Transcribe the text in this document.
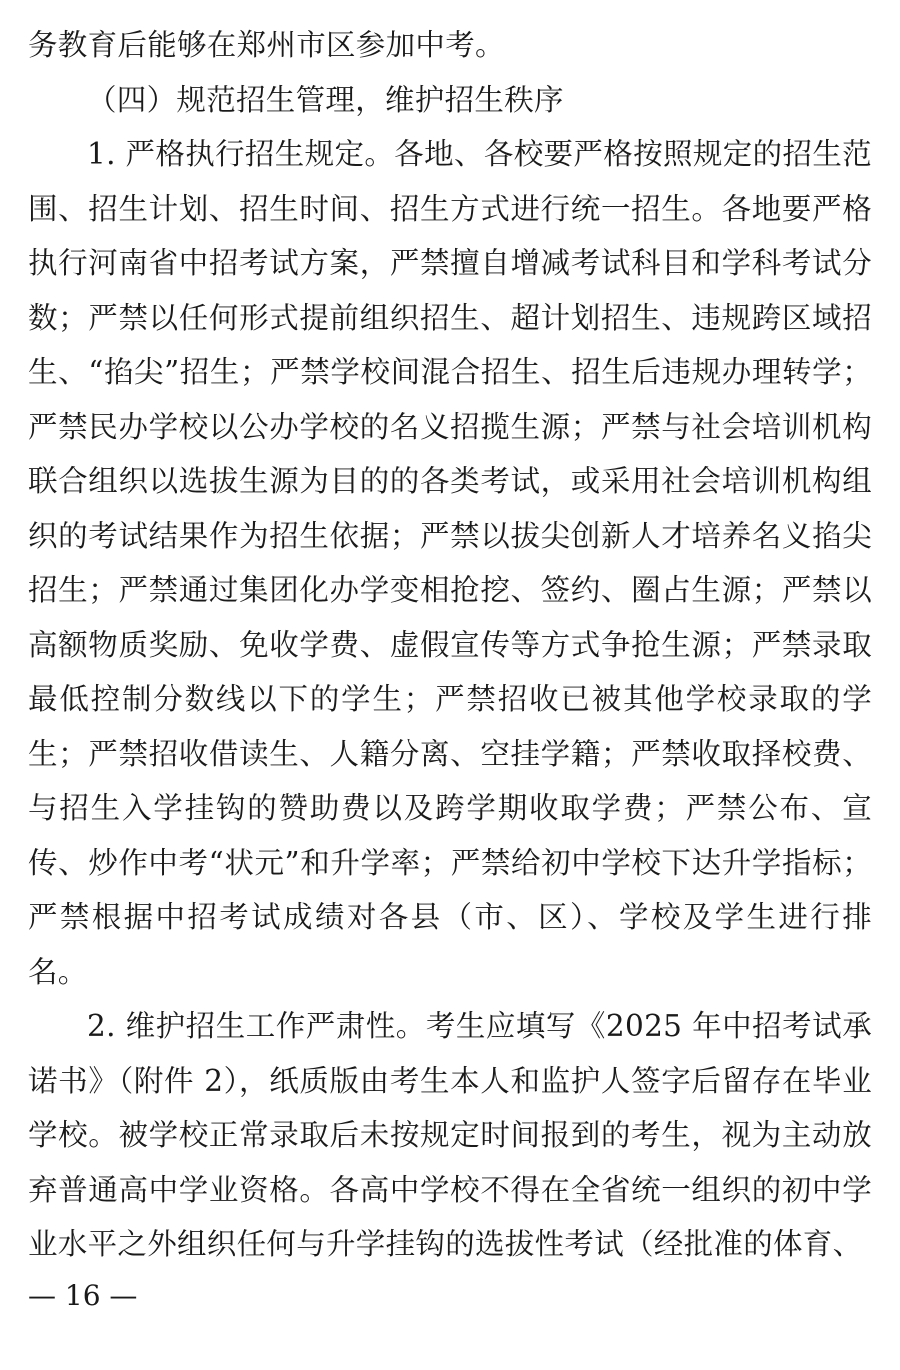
务教育后能够在郑州市区参加中考。

（四）规范招生管理，维护招生秩序

1. 严格执行招生规定。各地、各校要严格按照规定的招生范围、招生计划、招生时间、招生方式进行统一招生。各地要严格执行河南省中招考试方案，严禁擅自增减考试科目和学科考试分数；严禁以任何形式提前组织招生、超计划招生、违规跨区域招生、“掐尖”招生；严禁学校间混合招生、招生后违规办理转学；严禁民办学校以公办学校的名义招揽生源；严禁与社会培训机构联合组织以选拔生源为目的的各类考试，或采用社会培训机构组织的考试结果作为招生依据；严禁以拔尖创新人才培养名义掐尖招生；严禁通过集团化办学变相抢挖、签约、圈占生源；严禁以高额物质奖励、免收学费、虚假宣传等方式争抢生源；严禁录取最低控制分数线以下的学生；严禁招收已被其他学校录取的学生；严禁招收借读生、人籍分离、空挂学籍；严禁收取择校费、与招生入学挂钩的赞助费以及跨学期收取学费；严禁公布、宣传、炒作中考“状元”和升学率；严禁给初中学校下达升学指标；严禁根据中招考试成绩对各县（市、区）、学校及学生进行排名。

2. 维护招生工作严肃性。考生应填写《2025 年中招考试承诺书》（附件 2），纸质版由考生本人和监护人签字后留存在毕业学校。被学校正常录取后未按规定时间报到的考生，视为主动放弃普通高中学业资格。各高中学校不得在全省统一组织的初中学业水平之外组织任何与升学挂钩的选拔性考试（经批准的体育、

— 16 —
